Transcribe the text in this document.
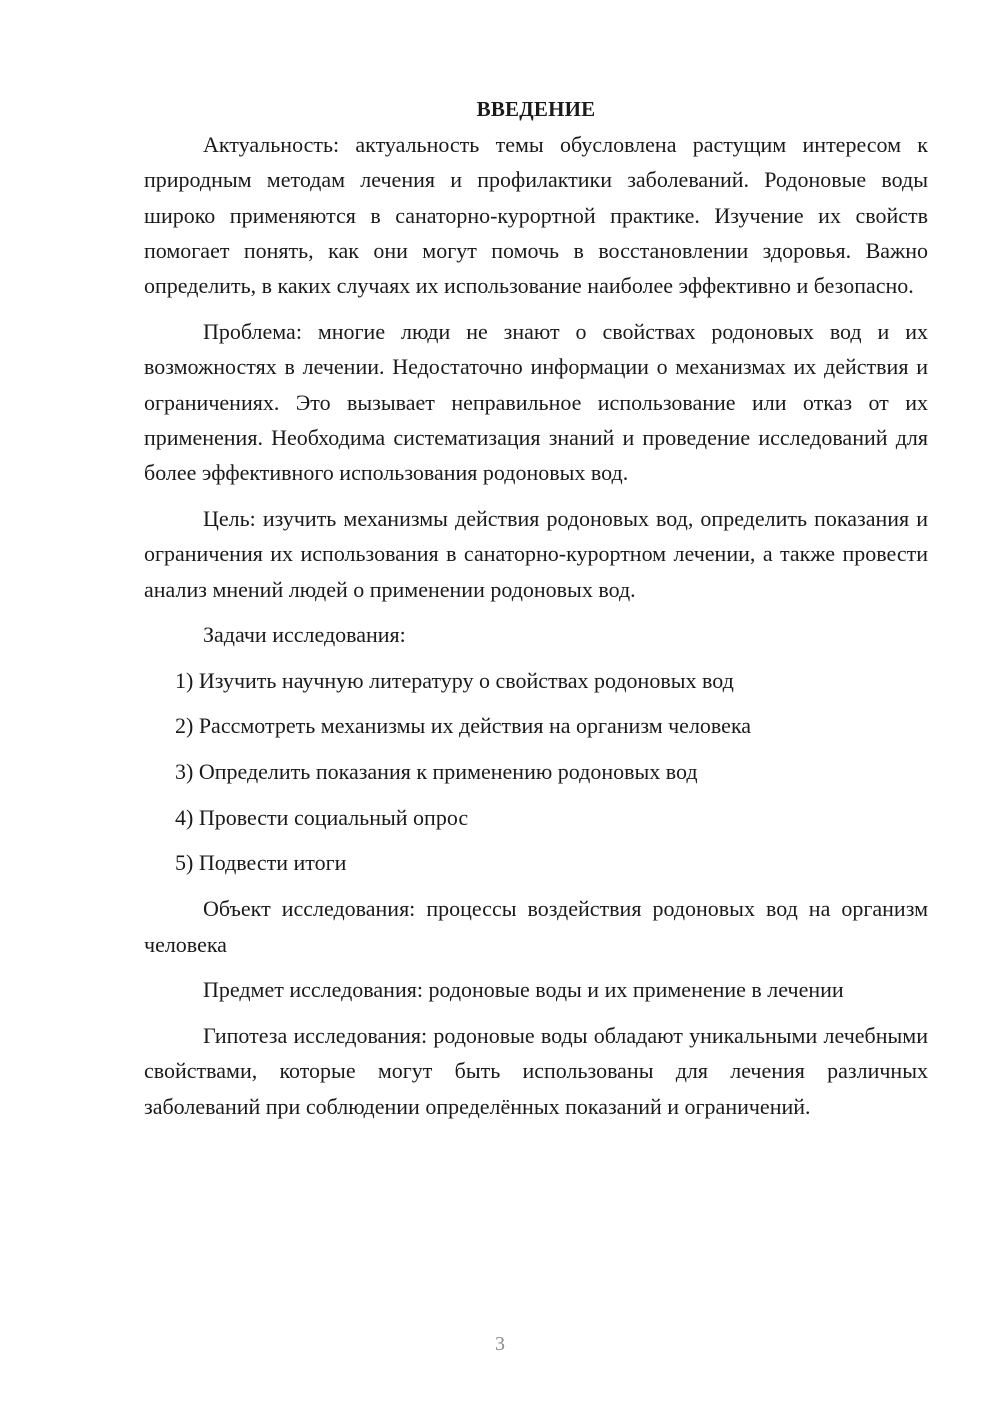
ВВЕДЕНИЕ

Актуальность: актуальность темы обусловлена растущим интересом к природным методам лечения и профилактики заболеваний. Родоновые воды широко применяются в санаторно-курортной практике. Изучение их свойств помогает понять, как они могут помочь в восстановлении здоровья. Важно определить, в каких случаях их использование наиболее эффективно и безопасно.

Проблема: многие люди не знают о свойствах родоновых вод и их возможностях в лечении. Недостаточно информации о механизмах их действия и ограничениях. Это вызывает неправильное использование или отказ от их применения. Необходима систематизация знаний и проведение исследований для более эффективного использования родоновых вод.

Цель: изучить механизмы действия родоновых вод, определить показания и ограничения их использования в санаторно-курортном лечении, а также провести анализ мнений людей о применении родоновых вод.

Задачи исследования:

1) Изучить научную литературу о свойствах родоновых вод
2) Рассмотреть механизмы их действия на организм человека
3) Определить показания к применению родоновых вод
4) Провести социальный опрос
5) Подвести итоги

Объект исследования: процессы воздействия родоновых вод на организм человека

Предмет исследования: родоновые воды и их применение в лечении

Гипотеза исследования: родоновые воды обладают уникальными лечебными свойствами, которые могут быть использованы для лечения различных заболеваний при соблюдении определённых показаний и ограничений.

3
